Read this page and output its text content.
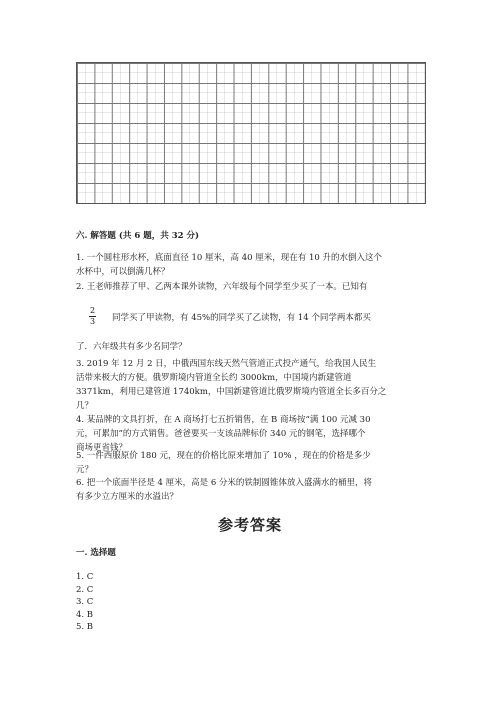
六. 解答题 (共 6 题，共 32 分)
1. 一个圆柱形水杯，底面直径 10 厘米，高 40 厘米，现在有 10 升的水倒入这个
水杯中，可以倒满几杯？
2. 王老师推荐了甲、乙两本课外读物，六年级每个同学至少买了一本。已知有
$\frac{2}{3}$ 同学买了甲读物，有 45%的同学买了乙读物，有 14 个同学两本都买
了．六年级共有多少名同学？
3. 2019 年 12 月 2 日，中俄西国东线天然气管道正式投产通气，给我国人民生
活带来极大的方便。俄罗斯境内管道全长约 3000km，中国境内新建管道
3371km，利用已建管道 1740km，中国新建管道比俄罗斯境内管道全长多百分之
几？
4. 某品牌的文具打折，在 A 商场打七五折销售，在 B 商场按“满 100 元减 30
元，可累加”的方式销售。爸爸要买一支该品牌标价 340 元的钢笔，选择哪个
商场更省钱？
5. 一件西服原价 180 元，现在的价格比原来增加了 10% ，现在的价格是多少
元？
6. 把一个底面半径是 4 厘米，高是 6 分米的铁制圆锥体放入盛满水的桶里，将
有多少立方厘米的水溢出？
参考答案
一. 选择题
1. C
2. C
3. C
4. B
5. B
